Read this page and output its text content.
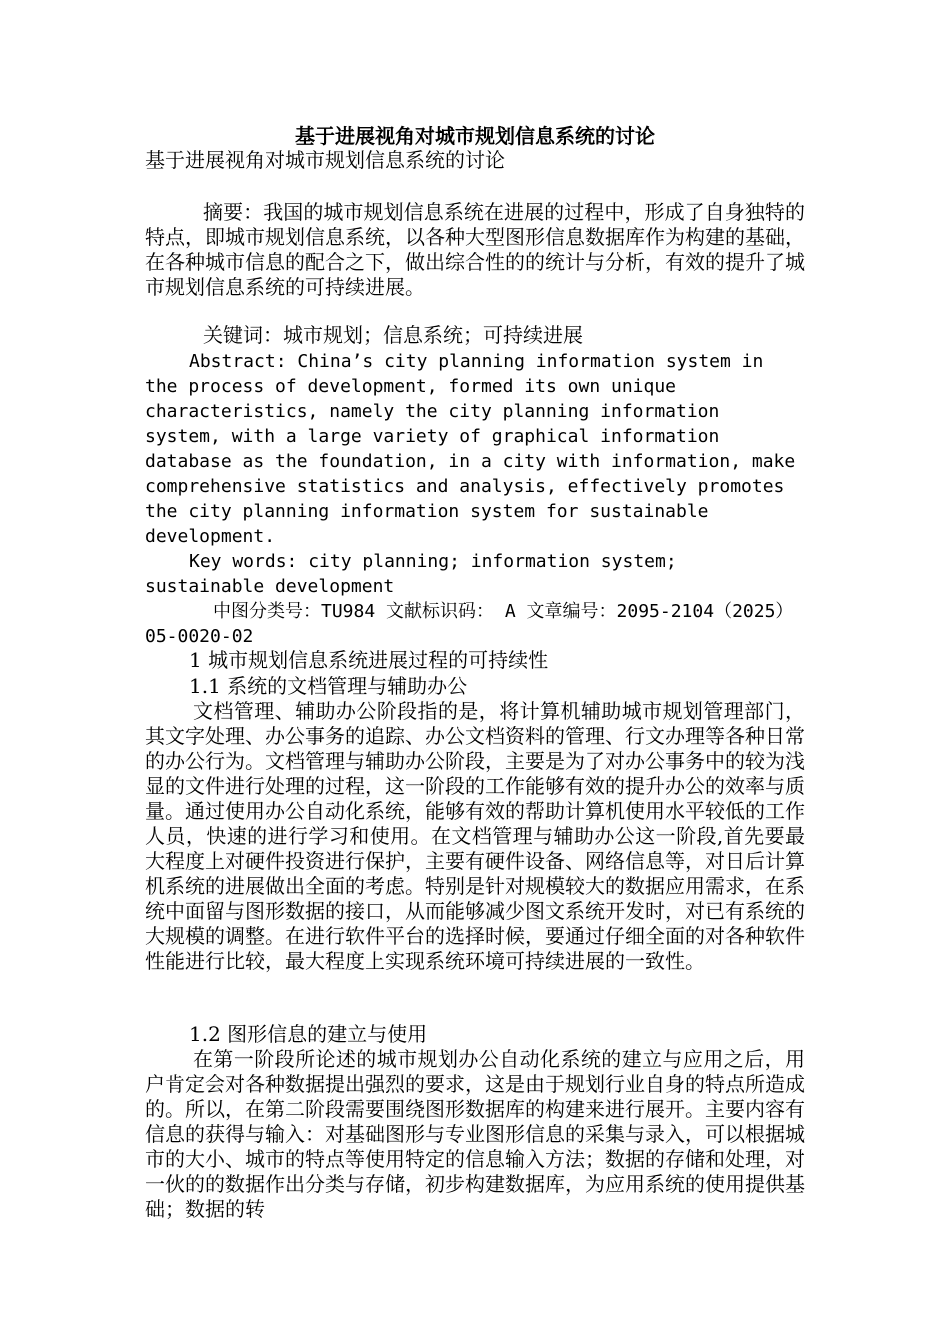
基于进展视角对城市规划信息系统的讨论
基于进展视角对城市规划信息系统的讨论
摘要：我国的城市规划信息系统在进展的过程中，形成了自身独特的特点，即城市规划信息系统，以各种大型图形信息数据库作为构建的基础，在各种城市信息的配合之下，做出综合性的的统计与分析，有效的提升了城市规划信息系统的可持续进展。
关键词：城市规划；信息系统；可持续进展
Abstract: China’s city planning information system in the process of development, formed its own unique characteristics, namely the city planning information system, with a large variety of graphical information database as the foundation, in a city with information, make comprehensive statistics and analysis, effectively promotes the city planning information system for sustainable development.
Key words: city planning; information system; sustainable development
中图分类号：TU984 文献标识码： A 文章编号：2095-2104（2025）05-0020-02
1 城市规划信息系统进展过程的可持续性
1.1 系统的文档管理与辅助办公
文档管理、辅助办公阶段指的是，将计算机辅助城市规划管理部门，其文字处理、办公事务的追踪、办公文档资料的管理、行文办理等各种日常的办公行为。文档管理与辅助办公阶段，主要是为了对办公事务中的较为浅显的文件进行处理的过程，这一阶段的工作能够有效的提升办公的效率与质量。通过使用办公自动化系统，能够有效的帮助计算机使用水平较低的工作人员，快速的进行学习和使用。在文档管理与辅助办公这一阶段,首先要最大程度上对硬件投资进行保护，主要有硬件设备、网络信息等，对日后计算机系统的进展做出全面的考虑。特别是针对规模较大的数据应用需求，在系统中面留与图形数据的接口，从而能够减少图文系统开发时，对已有系统的大规模的调整。在进行软件平台的选择时候，要通过仔细全面的对各种软件性能进行比较，最大程度上实现系统环境可持续进展的一致性。
1.2 图形信息的建立与使用
在第一阶段所论述的城市规划办公自动化系统的建立与应用之后，用户肯定会对各种数据提出强烈的要求，这是由于规划行业自身的特点所造成的。所以，在第二阶段需要围绕图形数据库的构建来进行展开。主要内容有信息的获得与输入：对基础图形与专业图形信息的采集与录入，可以根据城市的大小、城市的特点等使用特定的信息输入方法；数据的存储和处理，对一伙的的数据作出分类与存储，初步构建数据库，为应用系统的使用提供基础；数据的转
